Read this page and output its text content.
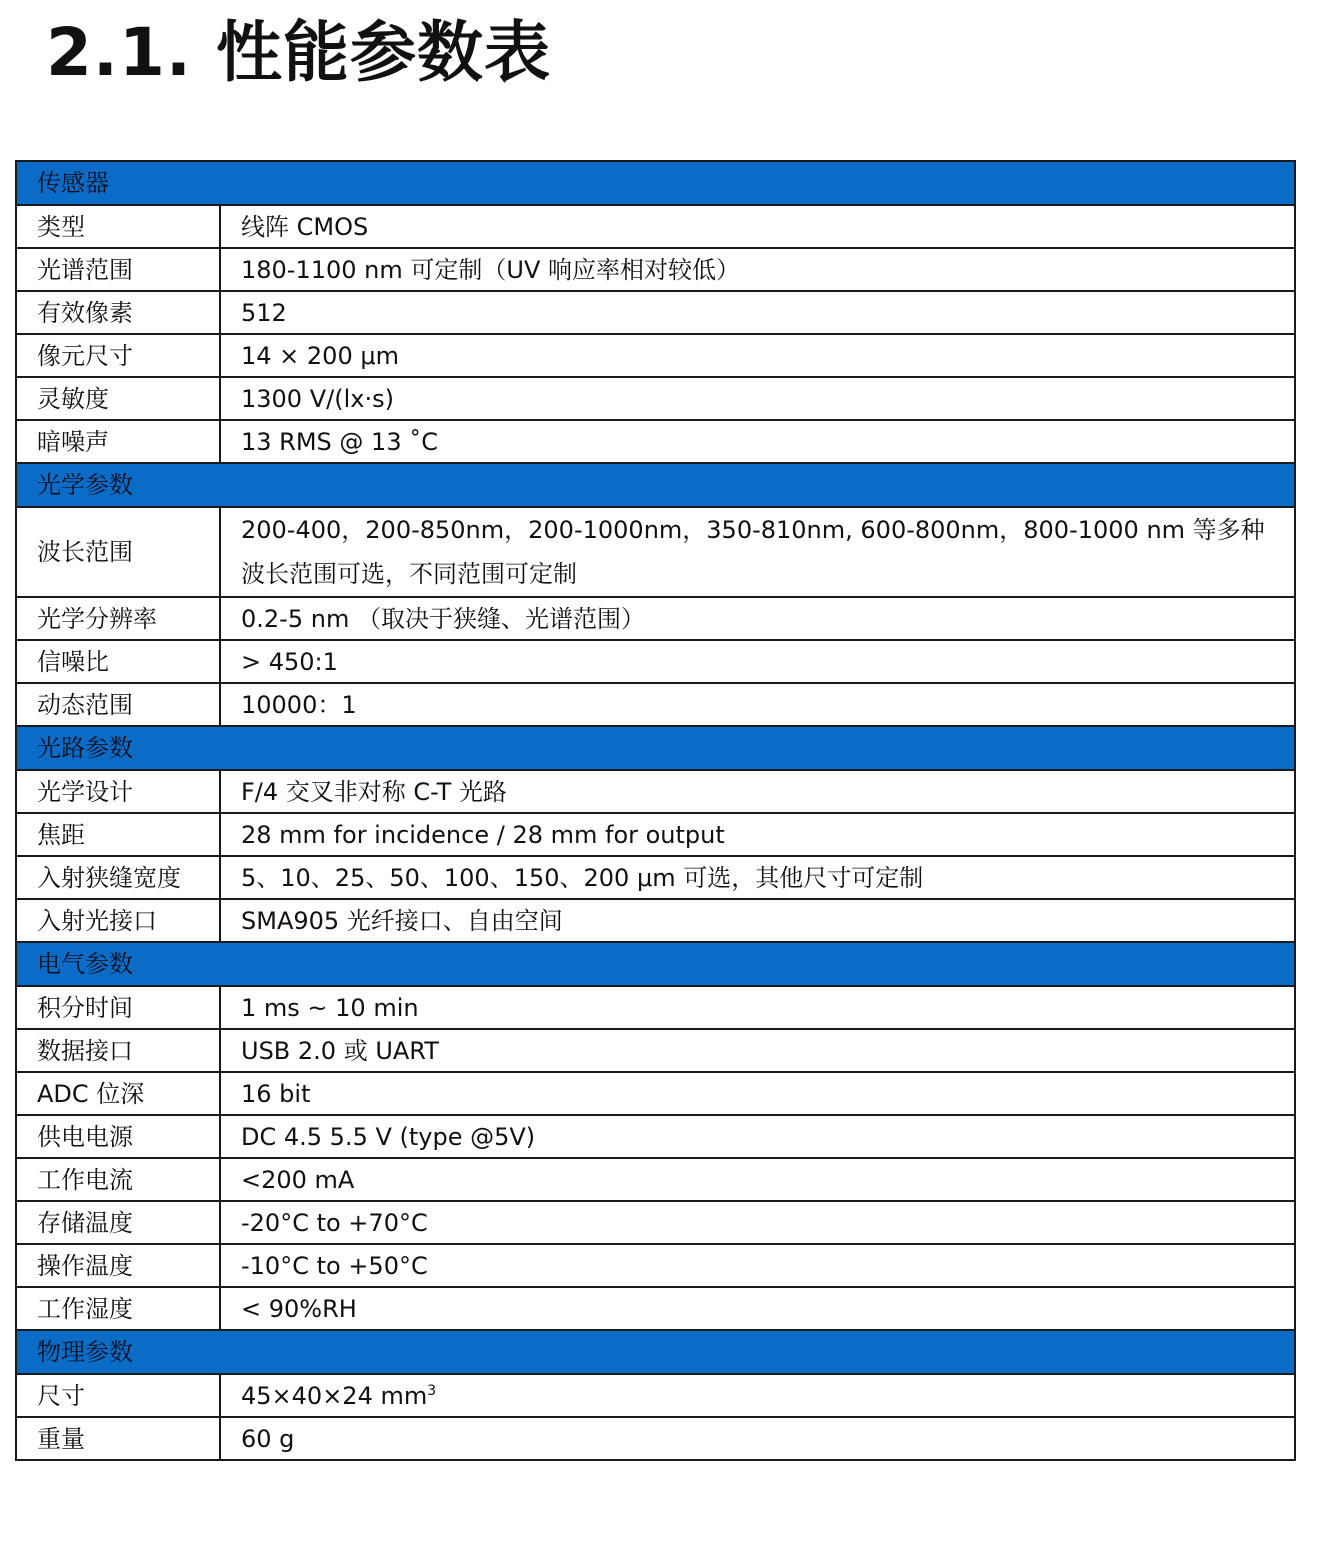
2.1. 性能参数表
传感器	
类型	线阵 CMOS
光谱范围	180-1100 nm 可定制（UV 响应率相对较低）
有效像素	512
像元尺寸	14 × 200 μm
灵敏度	1300 V/(lx·s)
暗噪声	13 RMS @ 13 ˚C
光学参数	
波长范围	200-400，200-850nm，200-1000nm，350-810nm, 600-800nm，800-1000 nm 等多种波长范围可选，不同范围可定制
光学分辨率	0.2-5 nm （取决于狭缝、光谱范围）
信噪比	> 450:1
动态范围	10000：1
光路参数	
光学设计	F/4 交叉非对称 C-T 光路
焦距	28 mm for incidence / 28 mm for output
入射狭缝宽度	5、10、25、50、100、150、200 μm 可选，其他尺寸可定制
入射光接口	SMA905 光纤接口、自由空间
电气参数	
积分时间	1 ms ~ 10 min
数据接口	USB 2.0 或 UART
ADC 位深	16 bit
供电电源	DC 4.5 5.5 V (type @5V)
工作电流	<200 mA
存储温度	-20°C to +70°C
操作温度	-10°C to +50°C
工作湿度	< 90%RH
物理参数	
尺寸	45×40×24 $mm^3$
重量	60 g
